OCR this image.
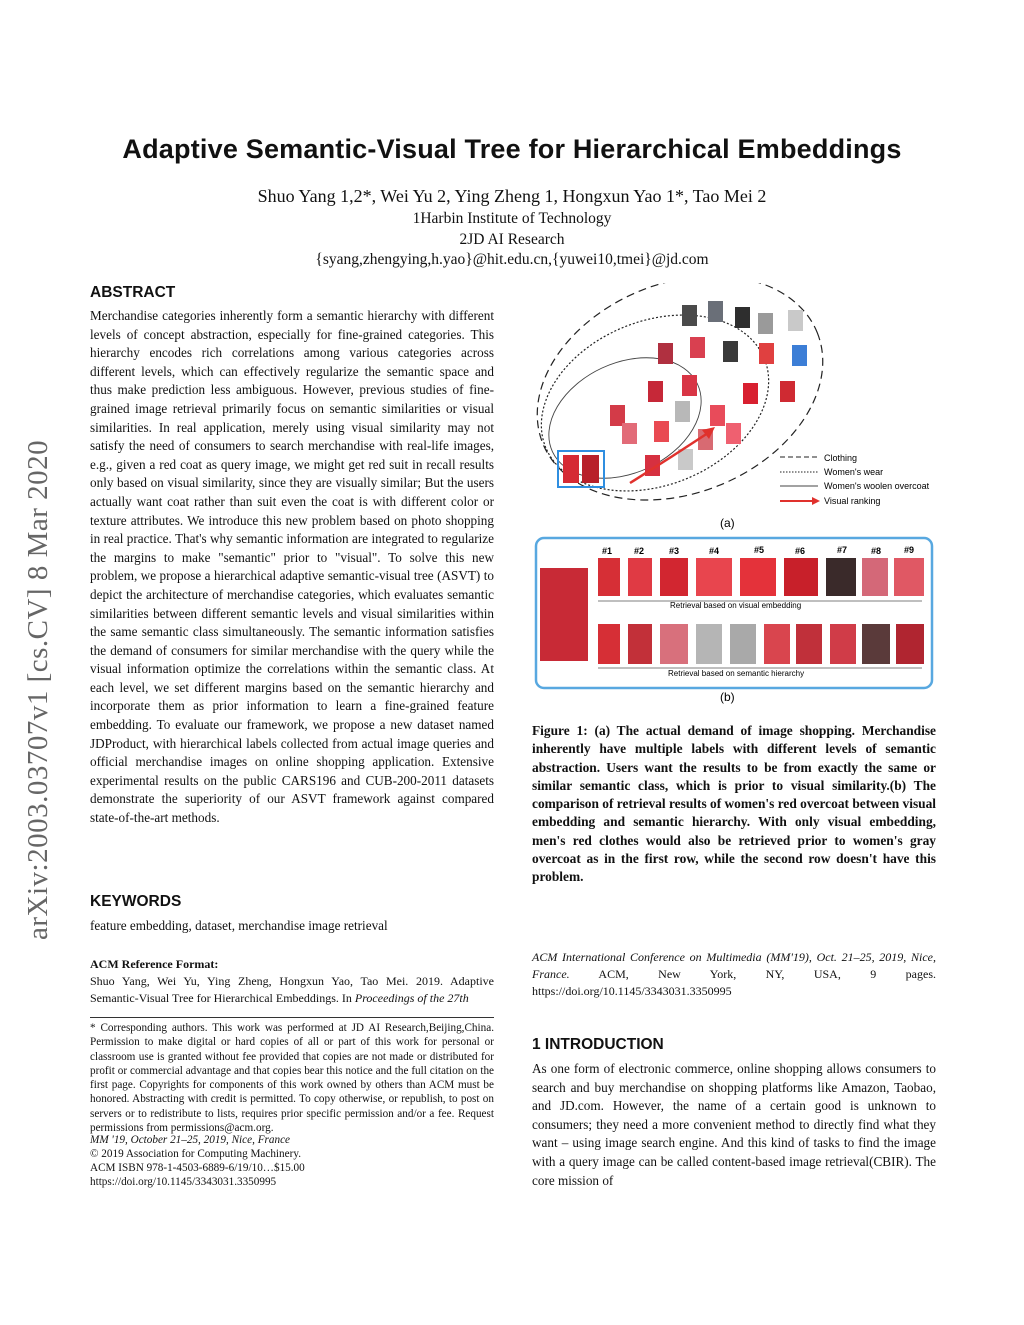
arXiv:2003.03707v1 [cs.CV] 8 Mar 2020
Adaptive Semantic-Visual Tree for Hierarchical Embeddings
Shuo Yang 1,2*, Wei Yu 2, Ying Zheng 1, Hongxun Yao 1*, Tao Mei 2
1Harbin Institute of Technology
2JD AI Research
{syang,zhengying,h.yao}@hit.edu.cn,{yuwei10,tmei}@jd.com
ABSTRACT
Merchandise categories inherently form a semantic hierarchy with different levels of concept abstraction, especially for fine-grained categories. This hierarchy encodes rich correlations among various categories across different levels, which can effectively regularize the semantic space and thus make prediction less ambiguous. However, previous studies of fine-grained image retrieval primarily focus on semantic similarities or visual similarities. In real application, merely using visual similarity may not satisfy the need of consumers to search merchandise with real-life images, e.g., given a red coat as query image, we might get red suit in recall results only based on visual similarity, since they are visually similar; But the users actually want coat rather than suit even the coat is with different color or texture attributes. We introduce this new problem based on photo shopping in real practice. That's why semantic information are integrated to regularize the margins to make "semantic" prior to "visual". To solve this new problem, we propose a hierarchical adaptive semantic-visual tree (ASVT) to depict the architecture of merchandise categories, which evaluates semantic similarities between different semantic levels and visual similarities within the same semantic class simultaneously. The semantic information satisfies the demand of consumers for similar merchandise with the query while the visual information optimize the correlations within the semantic class. At each level, we set different margins based on the semantic hierarchy and incorporate them as prior information to learn a fine-grained feature embedding. To evaluate our framework, we propose a new dataset named JDProduct, with hierarchical labels collected from actual image queries and official merchandise images on online shopping application. Extensive experimental results on the public CARS196 and CUB-200-2011 datasets demonstrate the superiority of our ASVT framework against compared state-of-the-art methods.
KEYWORDS
feature embedding, dataset, merchandise image retrieval
ACM Reference Format:
Shuo Yang, Wei Yu, Ying Zheng, Hongxun Yao, Tao Mei. 2019. Adaptive Semantic-Visual Tree for Hierarchical Embeddings. In Proceedings of the 27th
* Corresponding authors. This work was performed at JD AI Research,Beijing,China. Permission to make digital or hard copies of all or part of this work for personal or classroom use is granted without fee provided that copies are not made or distributed for profit or commercial advantage and that copies bear this notice and the full citation on the first page. Copyrights for components of this work owned by others than ACM must be honored. Abstracting with credit is permitted. To copy otherwise, or republish, to post on servers or to redistribute to lists, requires prior specific permission and/or a fee. Request permissions from permissions@acm.org.
MM '19, October 21–25, 2019, Nice, France
© 2019 Association for Computing Machinery.
ACM ISBN 978-1-4503-6889-6/19/10…$15.00
https://doi.org/10.1145/3343031.3350995
Clothing
Women's wear
Women's woolen overcoat
Visual ranking
(a)
#1 #2	#3	#4	#5	#6	#7	#8	#9
Retrieval based on visual embedding
Retrieval based on semantic hierarchy
(b)
Figure 1: (a) The actual demand of image shopping. Merchandise inherently have multiple labels with different levels of semantic abstraction. Users want the results to be from exactly the same or similar semantic class, which is prior to visual similarity.(b) The comparison of retrieval results of women's red overcoat between visual embedding and semantic hierarchy. With only visual embedding, men's red clothes would also be retrieved prior to women's gray overcoat as in the first row, while the second row doesn't have this problem.
ACM International Conference on Multimedia (MM'19), Oct. 21–25, 2019, Nice, France. ACM, New York, NY, USA, 9 pages. https://doi.org/10.1145/3343031.3350995
1 INTRODUCTION
As one form of electronic commerce, online shopping allows consumers to search and buy merchandise on shopping platforms like Amazon, Taobao, and JD.com. However, the name of a certain good is unknown to consumers; they need a more convenient method to directly find what they want – using image search engine. And this kind of tasks to find the image with a query image can be called content-based image retrieval(CBIR). The core mission of
